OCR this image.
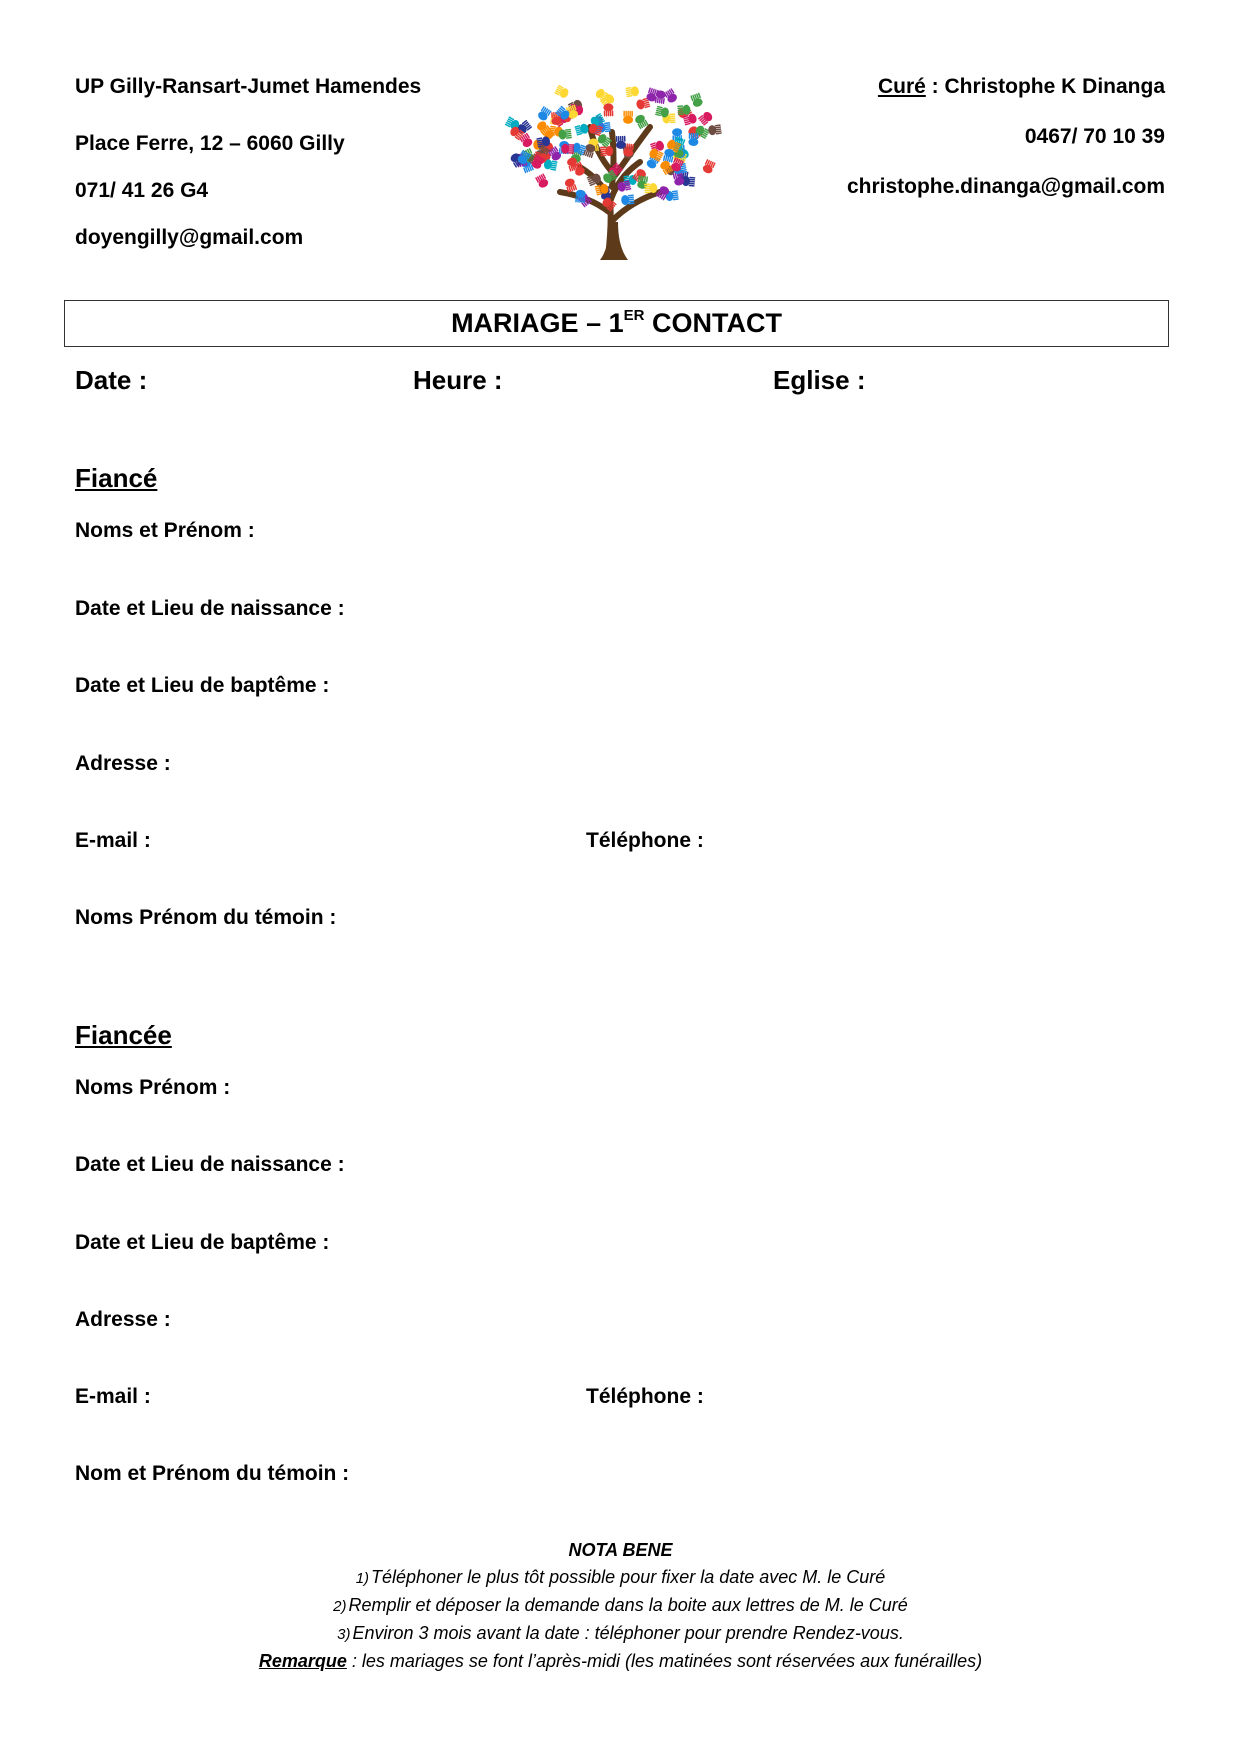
UP Gilly-Ransart-Jumet Hamendes
Place Ferre, 12 – 6060 Gilly
071/ 41 26 G4
doyengilly@gmail.com
Curé : Christophe K Dinanga
0467/ 70 10 39
christophe.dinanga@gmail.com
MARIAGE – 1ER CONTACT
Date :	Heure :	Eglise :
Fiancé
Noms et Prénom :
Date et Lieu de naissance :
Date et Lieu de baptême :
Adresse :
E-mail :	Téléphone :
Noms Prénom du témoin :
Fiancée
Noms Prénom :
Date et Lieu de naissance :
Date et Lieu de baptême :
Adresse :
E-mail :	Téléphone :
Nom et Prénom du témoin :
NOTA BENE
1) Téléphoner le plus tôt possible pour fixer la date avec M. le Curé
2) Remplir et déposer la demande dans la boite aux lettres de M. le Curé
3) Environ 3 mois avant la date : téléphoner pour prendre Rendez-vous.
Remarque : les mariages se font l’après-midi (les matinées sont réservées aux funérailles)
